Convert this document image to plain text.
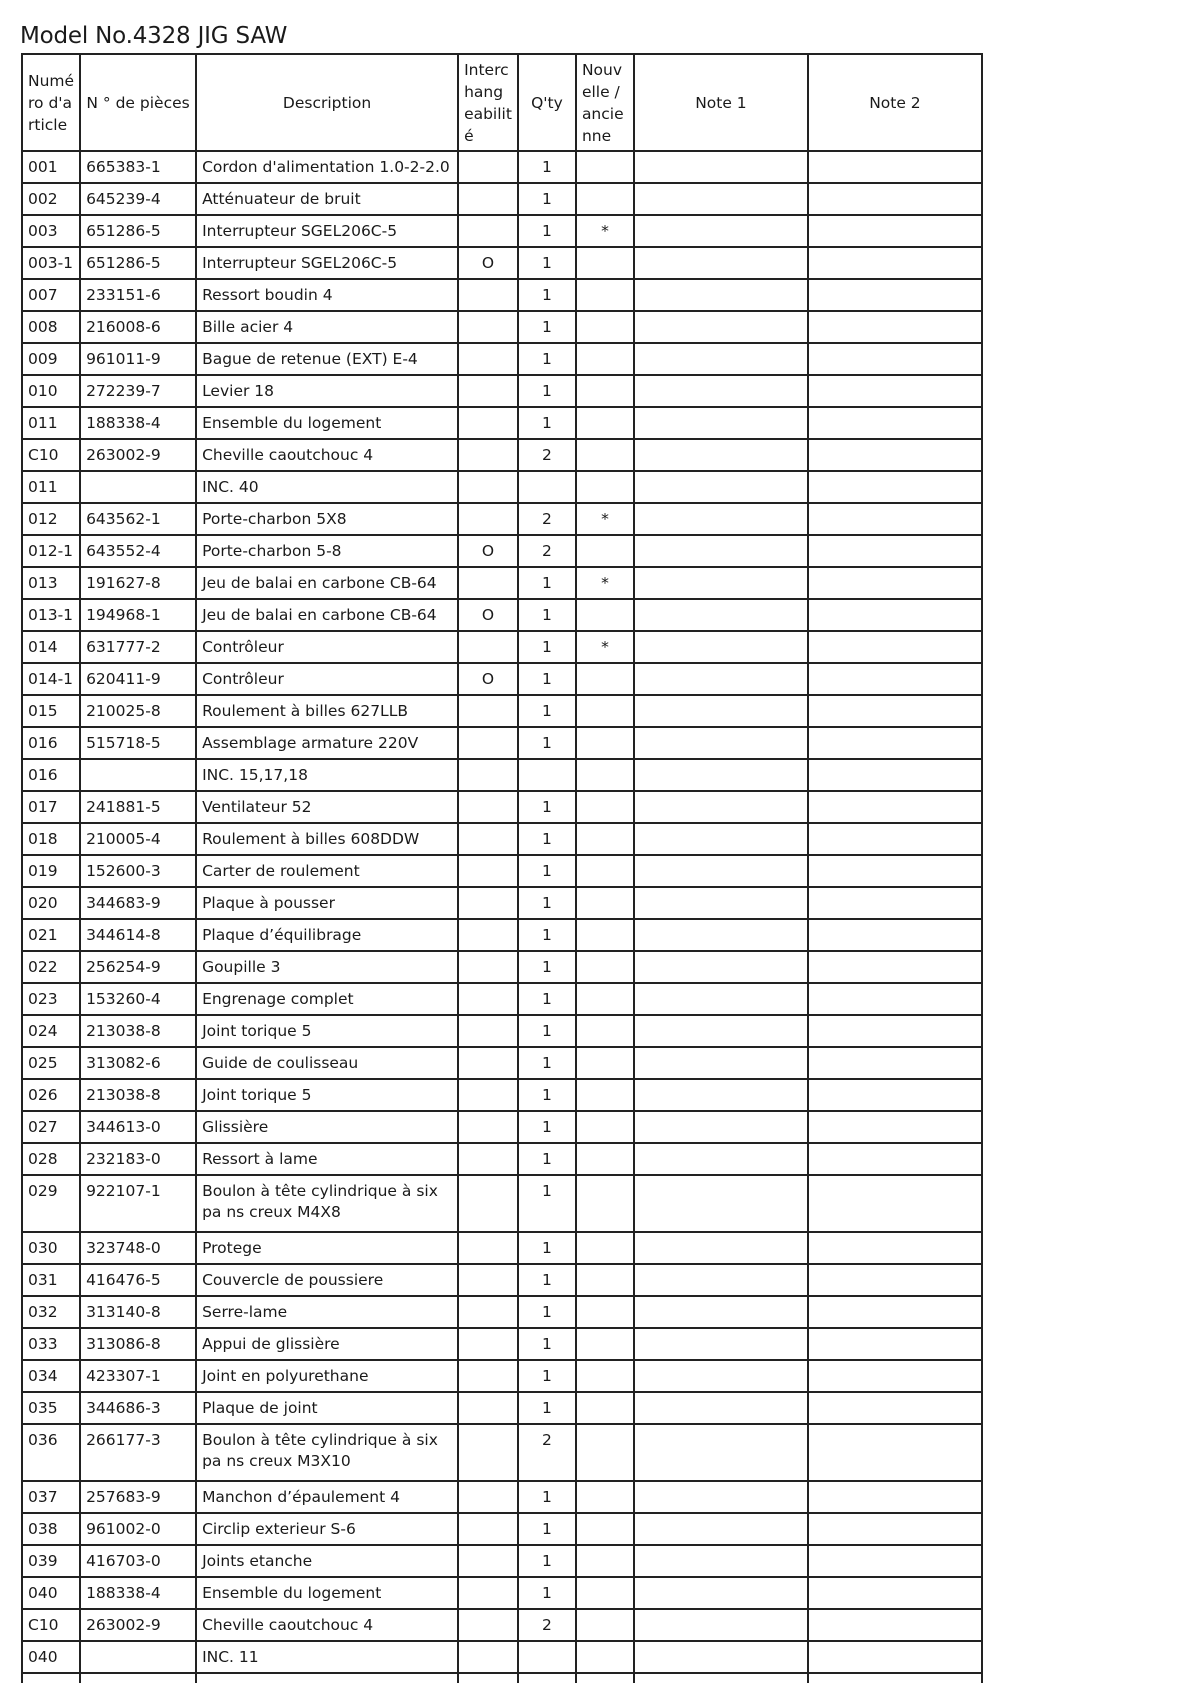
Model No.4328 JIG SAW
Numé ro d'a rticle	N ° de pièces	Description	Interc hang eabilit é	Q'ty	Nouv elle / ancie nne	Note 1	Note 2
001	665383-1	Cordon d'alimentation 1.0-2-2.0		1			
002	645239-4	Atténuateur de bruit		1			
003	651286-5	Interrupteur SGEL206C-5		1	*		
003-1	651286-5	Interrupteur SGEL206C-5	O	1			
007	233151-6	Ressort boudin 4		1			
008	216008-6	Bille acier 4		1			
009	961011-9	Bague de retenue (EXT) E-4		1			
010	272239-7	Levier 18		1			
011	188338-4	Ensemble du logement		1			
C10	263002-9	Cheville caoutchouc 4		2			
011		INC. 40					
012	643562-1	Porte-charbon 5X8		2	*		
012-1	643552-4	Porte-charbon 5-8	O	2			
013	191627-8	Jeu de balai en carbone CB-64		1	*		
013-1	194968-1	Jeu de balai en carbone CB-64	O	1			
014	631777-2	Contrôleur		1	*		
014-1	620411-9	Contrôleur	O	1			
015	210025-8	Roulement à billes 627LLB		1			
016	515718-5	Assemblage armature 220V		1			
016		INC. 15,17,18					
017	241881-5	Ventilateur 52		1			
018	210005-4	Roulement à billes 608DDW		1			
019	152600-3	Carter de roulement		1			
020	344683-9	Plaque à pousser		1			
021	344614-8	Plaque d’équilibrage		1			
022	256254-9	Goupille 3		1			
023	153260-4	Engrenage complet		1			
024	213038-8	Joint torique 5		1			
025	313082-6	Guide de coulisseau		1			
026	213038-8	Joint torique 5		1			
027	344613-0	Glissière		1			
028	232183-0	Ressort à lame		1			
029	922107-1	Boulon à tête cylindrique à six pa ns creux M4X8		1			
030	323748-0	Protege		1			
031	416476-5	Couvercle de poussiere		1			
032	313140-8	Serre-lame		1			
033	313086-8	Appui de glissière		1			
034	423307-1	Joint en polyurethane		1			
035	344686-3	Plaque de joint		1			
036	266177-3	Boulon à tête cylindrique à six pa ns creux M3X10		2			
037	257683-9	Manchon d’épaulement 4		1			
038	961002-0	Circlip exterieur S-6		1			
039	416703-0	Joints etanche		1			
040	188338-4	Ensemble du logement		1			
C10	263002-9	Cheville caoutchouc 4		2			
040		INC. 11					
